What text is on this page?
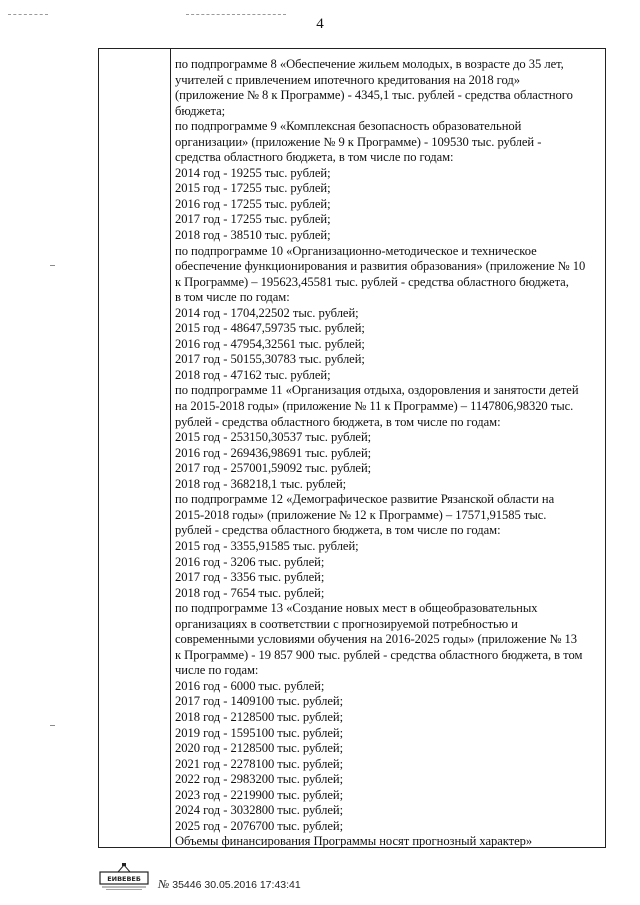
4
по подпрограмме 8 «Обеспечение жильем молодых, в возрасте до 35 лет,
учителей с привлечением ипотечного кредитования на 2018 год»
(приложение № 8 к Программе) - 4345,1 тыс. рублей - средства областного
бюджета;
по подпрограмме 9 «Комплексная безопасность образовательной
организации» (приложение № 9 к Программе) - 109530 тыс. рублей -
средства областного бюджета, в том числе по годам:
2014 год - 19255 тыс. рублей;
2015 год - 17255 тыс. рублей;
2016 год - 17255 тыс. рублей;
2017 год - 17255 тыс. рублей;
2018 год - 38510 тыс. рублей;
по подпрограмме 10 «Организационно-методическое и техническое
обеспечение функционирования и развития образования» (приложение № 10
к Программе) – 195623,45581 тыс. рублей - средства областного бюджета,
в том числе по годам:
2014 год - 1704,22502 тыс. рублей;
2015 год - 48647,59735 тыс. рублей;
2016 год - 47954,32561 тыс. рублей;
2017 год - 50155,30783 тыс. рублей;
2018 год - 47162 тыс. рублей;
по подпрограмме 11 «Организация отдыха, оздоровления и занятости детей
на 2015-2018 годы» (приложение № 11 к Программе) – 1147806,98320 тыс.
рублей - средства областного бюджета, в том числе по годам:
2015 год - 253150,30537 тыс. рублей;
2016 год - 269436,98691 тыс. рублей;
2017 год - 257001,59092 тыс. рублей;
2018 год - 368218,1 тыс. рублей;
по подпрограмме 12 «Демографическое развитие Рязанской области на
2015-2018 годы» (приложение № 12 к Программе) – 17571,91585 тыс.
рублей - средства областного бюджета, в том числе по годам:
2015 год - 3355,91585 тыс. рублей;
2016 год - 3206 тыс. рублей;
2017 год - 3356 тыс. рублей;
2018 год - 7654 тыс. рублей;
по подпрограмме 13 «Создание новых мест в общеобразовательных
организациях в соответствии с прогнозируемой потребностью и
современными условиями обучения на 2016-2025 годы» (приложение № 13
к Программе) - 19 857 900 тыс. рублей - средства областного бюджета, в том
числе по годам:
2016 год - 6000 тыс. рублей;
2017 год - 1409100 тыс. рублей;
2018 год - 2128500 тыс. рублей;
2019 год - 1595100 тыс. рублей;
2020 год - 2128500 тыс. рублей;
2021 год - 2278100 тыс. рублей;
2022 год - 2983200 тыс. рублей;
2023 год - 2219900 тыс. рублей;
2024 год - 3032800 тыс. рублей;
2025 год - 2076700 тыс. рублей;
Объемы финансирования Программы носят прогнозный характер»
ЕИВЕВЕБ № 35446 30.05.2016 17:43:41
